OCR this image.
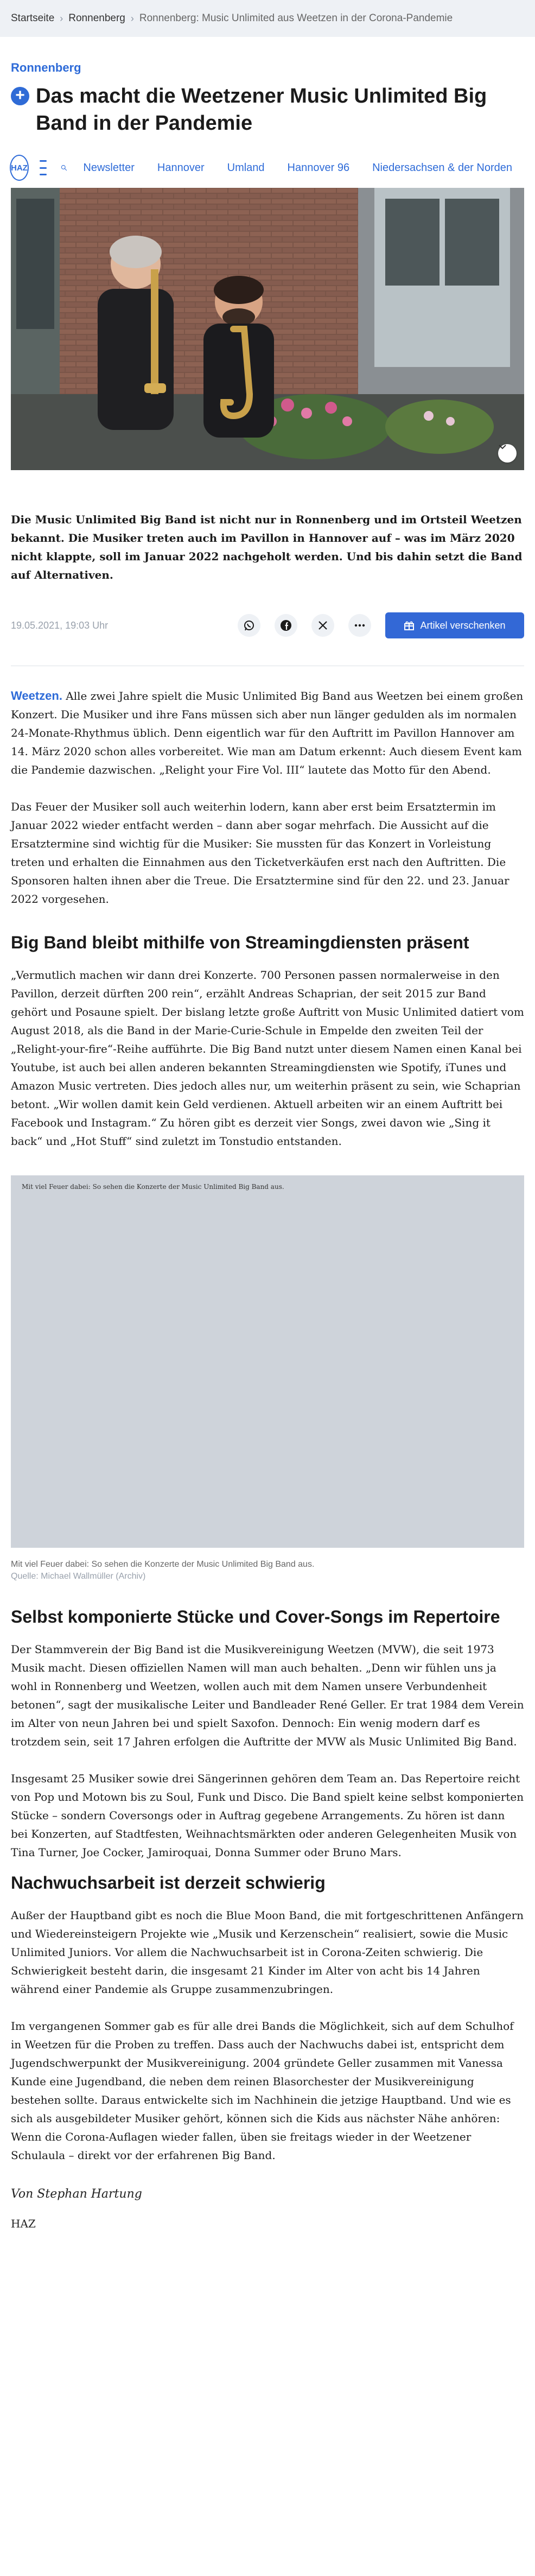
Startseite › Ronnenberg › Ronnenberg: Music Unlimited aus Weetzen in der Corona-Pandemie
Ronnenberg
+ Das macht die Weetzener Music Unlimited Big Band in der Pandemie
HAZ	Newsletter Hannover Umland Hannover 96 Niedersachsen & der Norden

Die Music Unlimited Big Band ist nicht nur in Ronnenberg und im Ortsteil Weetzen bekannt. Die Musiker treten auch im Pavillon in Hannover auf – was im März 2020 nicht klappte, soll im Januar 2022 nachgeholt werden. Und bis dahin setzt die Band auf Alternativen.

19.05.2021, 19:03 Uhr	Artikel verschenken

Weetzen. Alle zwei Jahre spielt die Music Unlimited Big Band aus Weetzen bei einem großen Konzert. Die Musiker und ihre Fans müssen sich aber nun länger gedulden als im normalen 24-Monate-Rhythmus üblich. Denn eigentlich war für den Auftritt im Pavillon Hannover am 14. März 2020 schon alles vorbereitet. Wie man am Datum erkennt: Auch diesem Event kam die Pandemie dazwischen. „Relight your Fire Vol. III“ lautete das Motto für den Abend.

Das Feuer der Musiker soll auch weiterhin lodern, kann aber erst beim Ersatztermin im Januar 2022 wieder entfacht werden – dann aber sogar mehrfach. Die Aussicht auf die Ersatztermine sind wichtig für die Musiker: Sie mussten für das Konzert in Vorleistung treten und erhalten die Einnahmen aus den Ticketverkäufen erst nach den Auftritten. Die Sponsoren halten ihnen aber die Treue. Die Ersatztermine sind für den 22. und 23. Januar 2022 vorgesehen.

Big Band bleibt mithilfe von Streamingdiensten präsent

„Vermutlich machen wir dann drei Konzerte. 700 Personen passen normalerweise in den Pavillon, derzeit dürften 200 rein“, erzählt Andreas Schaprian, der seit 2015 zur Band gehört und Posaune spielt. Der bislang letzte große Auftritt von Music Unlimited datiert vom August 2018, als die Band in der Marie-Curie-Schule in Empelde den zweiten Teil der „Relight-your-fire“-Reihe aufführte. Die Big Band nutzt unter diesem Namen einen Kanal bei Youtube, ist auch bei allen anderen bekannten Streamingdiensten wie Spotify, iTunes und Amazon Music vertreten. Dies jedoch alles nur, um weiterhin präsent zu sein, wie Schaprian betont. „Wir wollen damit kein Geld verdienen. Aktuell arbeiten wir an einem Auftritt bei Facebook und Instagram.“ Zu hören gibt es derzeit vier Songs, zwei davon wie „Sing it back“ und „Hot Stuff“ sind zuletzt im Tonstudio entstanden.

Mit viel Feuer dabei: So sehen die Konzerte der Music Unlimited Big Band aus.
Mit viel Feuer dabei: So sehen die Konzerte der Music Unlimited Big Band aus.
Quelle: Michael Wallmüller (Archiv)
Selbst komponierte Stücke und Cover-Songs im Repertoire

Der Stammverein der Big Band ist die Musikvereinigung Weetzen (MVW), die seit 1973 Musik macht. Diesen offiziellen Namen will man auch behalten. „Denn wir fühlen uns ja wohl in Ronnenberg und Weetzen, wollen auch mit dem Namen unsere Verbundenheit betonen“, sagt der musikalische Leiter und Bandleader René Geller. Er trat 1984 dem Verein im Alter von neun Jahren bei und spielt Saxofon. Dennoch: Ein wenig modern darf es trotzdem sein, seit 17 Jahren erfolgen die Auftritte der MVW als Music Unlimited Big Band.

Insgesamt 25 Musiker sowie drei Sängerinnen gehören dem Team an. Das Repertoire reicht von Pop und Motown bis zu Soul, Funk und Disco. Die Band spielt keine selbst komponierten Stücke – sondern Coversongs oder in Auftrag gegebene Arrangements. Zu hören ist dann bei Konzerten, auf Stadtfesten, Weihnachtsmärkten oder anderen Gelegenheiten Musik von Tina Turner, Joe Cocker, Jamiroquai, Donna Summer oder Bruno Mars.

Nachwuchsarbeit ist derzeit schwierig

Außer der Hauptband gibt es noch die Blue Moon Band, die mit fortgeschrittenen Anfängern und Wiedereinsteigern Projekte wie „Musik und Kerzenschein“ realisiert, sowie die Music Unlimited Juniors. Vor allem die Nachwuchsarbeit ist in Corona-Zeiten schwierig. Die Schwierigkeit besteht darin, die insgesamt 21 Kinder im Alter von acht bis 14 Jahren während einer Pandemie als Gruppe zusammenzubringen.

Im vergangenen Sommer gab es für alle drei Bands die Möglichkeit, sich auf dem Schulhof in Weetzen für die Proben zu treffen. Dass auch der Nachwuchs dabei ist, entspricht dem Jugendschwerpunkt der Musikvereinigung. 2004 gründete Geller zusammen mit Vanessa Kunde eine Jugendband, die neben dem reinen Blasorchester der Musikvereinigung bestehen sollte. Daraus entwickelte sich im Nachhinein die jetzige Hauptband. Und wie es sich als ausgebildeter Musiker gehört, können sich die Kids aus nächster Nähe anhören: Wenn die Corona-Auflagen wieder fallen, üben sie freitags wieder in der Weetzener Schulaula – direkt vor der erfahrenen Big Band.

Von Stephan Hartung
HAZ
